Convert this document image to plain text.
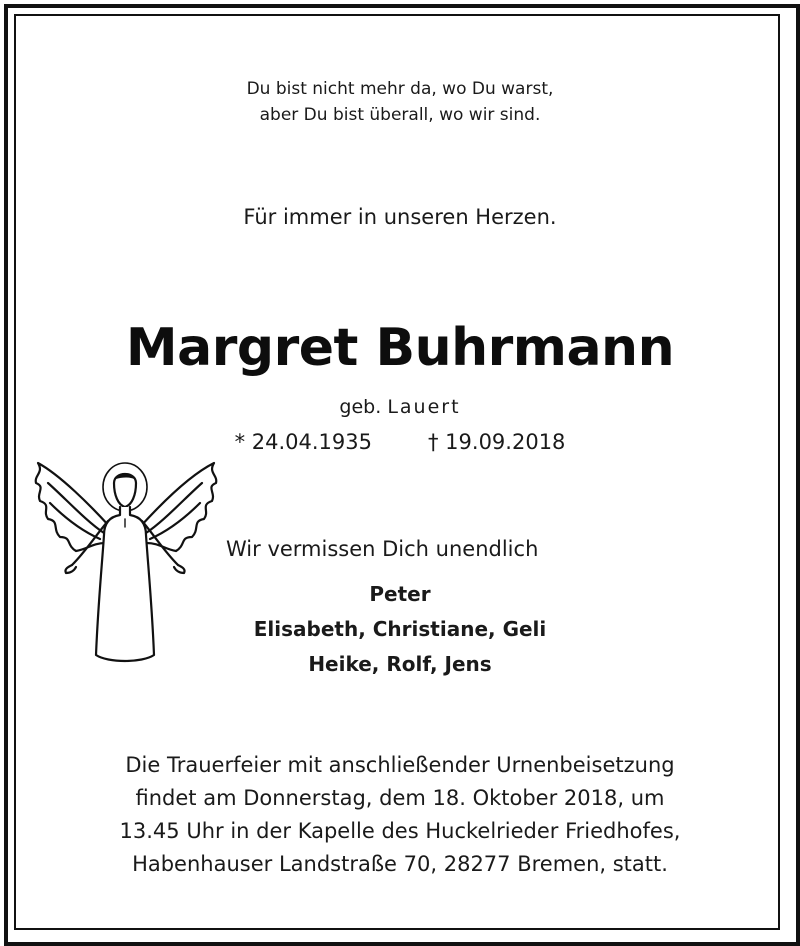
Du bist nicht mehr da, wo Du warst,
aber Du bist überall, wo wir sind.
Für immer in unseren Herzen.
Margret Buhrmann
geb. Lauert
* 24.04.1935	† 19.09.2018
Wir vermissen Dich unendlich
Peter
Elisabeth, Christiane, Geli
Heike, Rolf, Jens
Die Trauerfeier mit anschließender Urnenbeisetzung
findet am Donnerstag, dem 18. Oktober 2018, um
13.45 Uhr in der Kapelle des Huckelrieder Friedhofes,
Habenhauser Landstraße 70, 28277 Bremen, statt.
